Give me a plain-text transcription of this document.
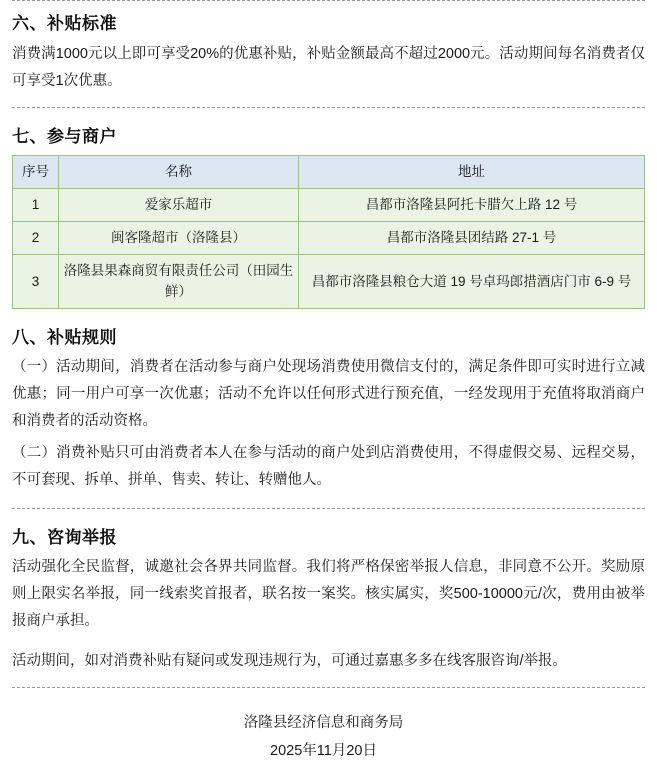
六、补贴标准

消费满1000元以上即可享受20%的优惠补贴，补贴金额最高不超过2000元。活动期间每名消费者仅可享受1次优惠。

七、参与商户
序号	名称	地址
1	爱家乐超市	昌都市洛隆县阿托卡腊欠上路 12 号
2	闽客隆超市（洛隆县）	昌都市洛隆县团结路 27-1 号
3	洛隆县果森商贸有限责任公司（田园生鲜）	昌都市洛隆县粮仓大道 19 号卓玛郎措酒店门市 6-9 号
八、补贴规则

（一）活动期间，消费者在活动参与商户处现场消费使用微信支付的，满足条件即可实时进行立减优惠；同一用户可享一次优惠；活动不允许以任何形式进行预充值，一经发现用于充值将取消商户和消费者的活动资格。

（二）消费补贴只可由消费者本人在参与活动的商户处到店消费使用，不得虚假交易、远程交易，不可套现、拆单、拼单、售卖、转让、转赠他人。

九、咨询举报

活动强化全民监督，诚邀社会各界共同监督。我们将严格保密举报人信息，非同意不公开。奖励原则上限实名举报，同一线索奖首报者，联名按一案奖。核实属实，奖500-10000元/次，费用由被举报商户承担。

活动期间，如对消费补贴有疑问或发现违规行为，可通过嘉惠多多在线客服咨询/举报。

洛隆县经济信息和商务局
2025年11月20日
